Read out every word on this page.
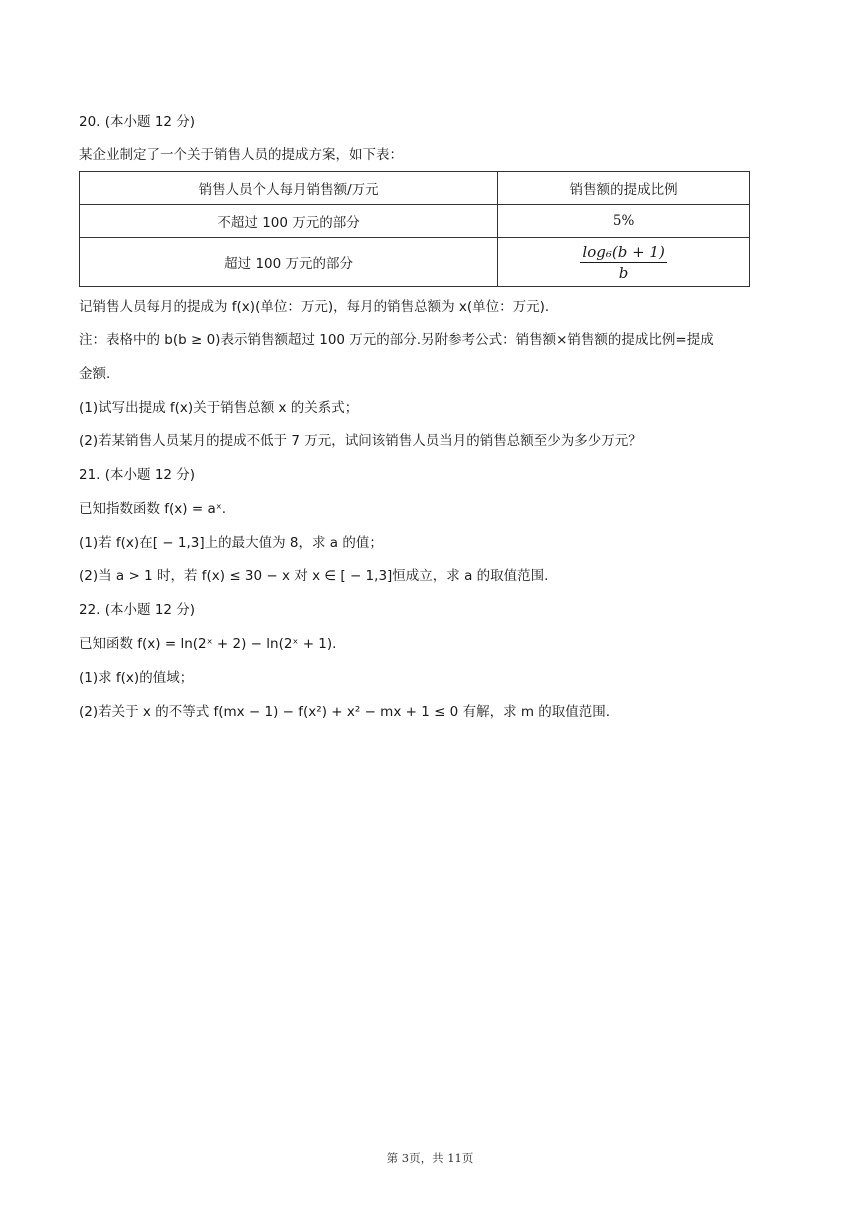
20. (本小题 12 分)
某企业制定了一个关于销售人员的提成方案，如下表：
销售人员个人每月销售额/万元	销售额的提成比例
不超过 100 万元的部分	5%
超过 100 万元的部分	$\frac{\text{log₆(b + 1)}}{b}$
记销售人员每月的提成为 f(x)(单位：万元)，每月的销售总额为 x(单位：万元).
注：表格中的 b(b ≥ 0)表示销售额超过 100 万元的部分.另附参考公式：销售额×销售额的提成比例=提成
金额.
(1)试写出提成 f(x)关于销售总额 x 的关系式；
(2)若某销售人员某月的提成不低于 7 万元，试问该销售人员当月的销售总额至少为多少万元？
21. (本小题 12 分)
已知指数函数 f(x) = aˣ.
(1)若 f(x)在[ − 1,3]上的最大值为 8，求 a 的值；
(2)当 a > 1 时，若 f(x) ≤ 30 − x 对 x ∈ [ − 1,3]恒成立，求 a 的取值范围.
22. (本小题 12 分)
已知函数 f(x) = ln(2ˣ + 2) − ln(2ˣ + 1).
(1)求 f(x)的值域；
(2)若关于 x 的不等式 f(mx − 1) − f(x²) + x² − mx + 1 ≤ 0 有解，求 m 的取值范围.
第 3页，共 11页
